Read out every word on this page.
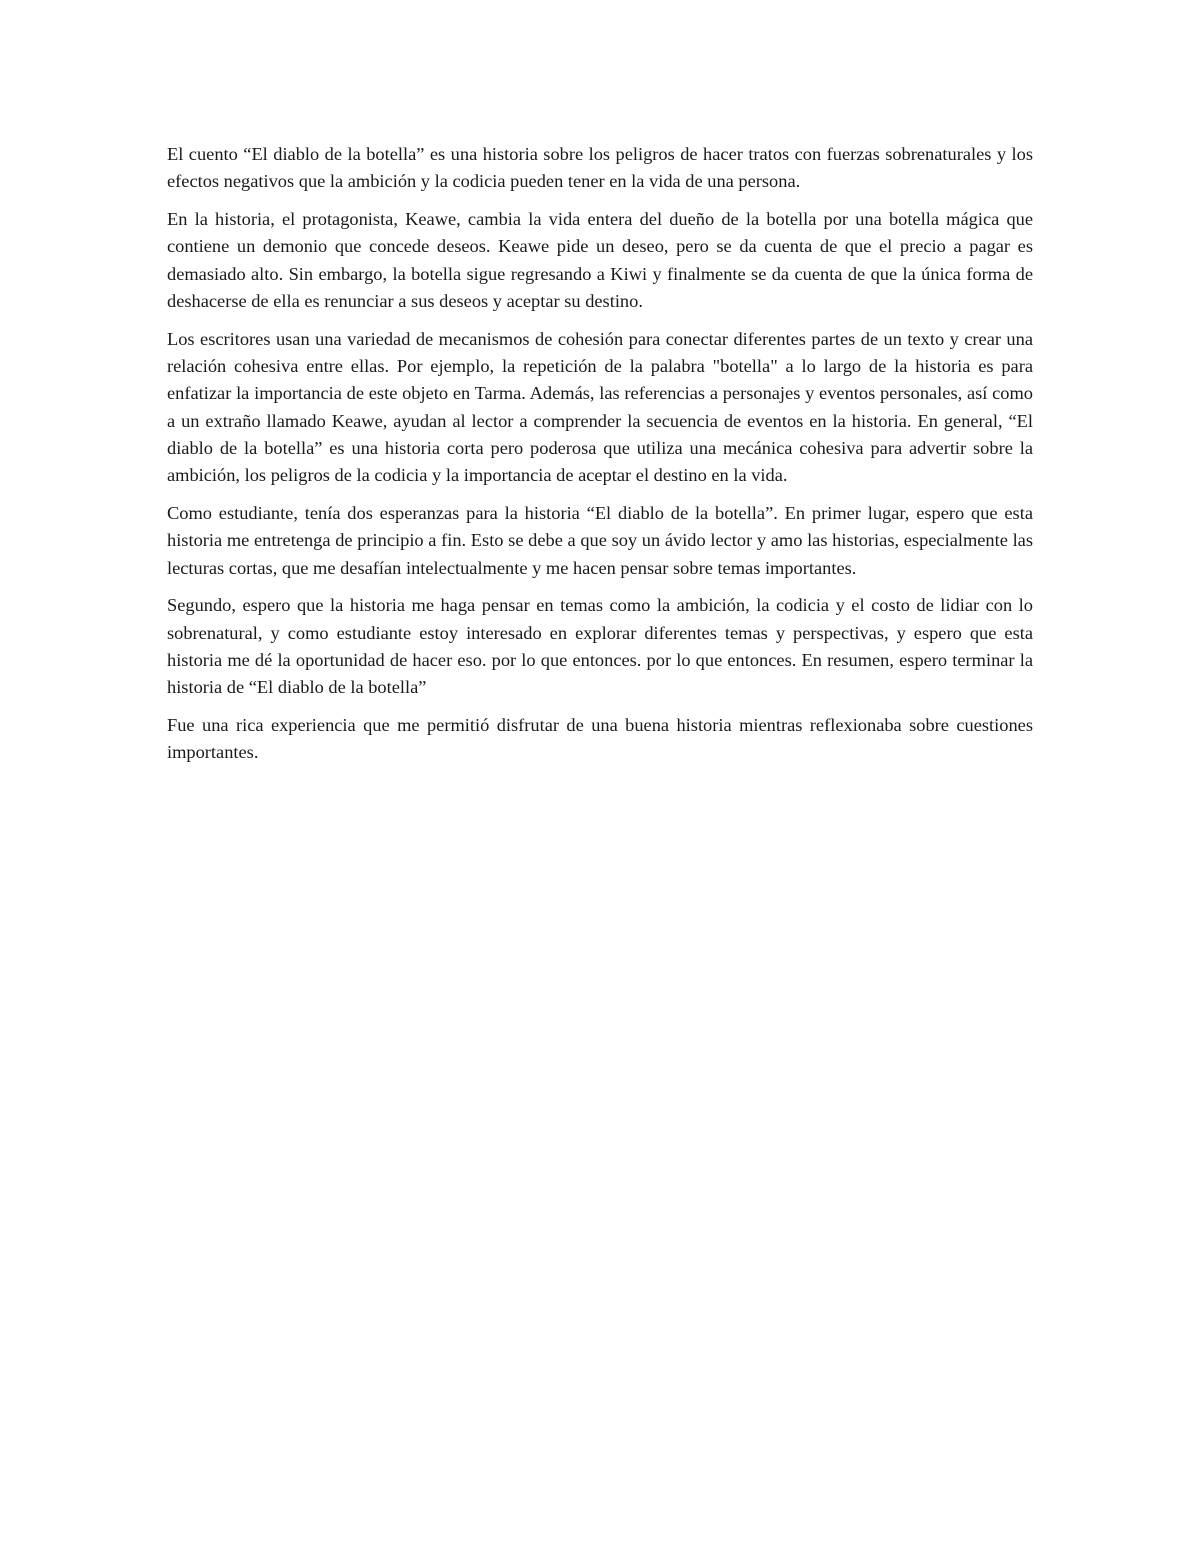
El cuento “El diablo de la botella” es una historia sobre los peligros de hacer tratos con fuerzas sobrenaturales y los efectos negativos que la ambición y la codicia pueden tener en la vida de una persona.

En la historia, el protagonista, Keawe, cambia la vida entera del dueño de la botella por una botella mágica que contiene un demonio que concede deseos. Keawe pide un deseo, pero se da cuenta de que el precio a pagar es demasiado alto. Sin embargo, la botella sigue regresando a Kiwi y finalmente se da cuenta de que la única forma de deshacerse de ella es renunciar a sus deseos y aceptar su destino.

Los escritores usan una variedad de mecanismos de cohesión para conectar diferentes partes de un texto y crear una relación cohesiva entre ellas. Por ejemplo, la repetición de la palabra "botella" a lo largo de la historia es para enfatizar la importancia de este objeto en Tarma. Además, las referencias a personajes y eventos personales, así como a un extraño llamado Keawe, ayudan al lector a comprender la secuencia de eventos en la historia. En general, “El diablo de la botella” es una historia corta pero poderosa que utiliza una mecánica cohesiva para advertir sobre la ambición, los peligros de la codicia y la importancia de aceptar el destino en la vida.

Como estudiante, tenía dos esperanzas para la historia “El diablo de la botella”. En primer lugar, espero que esta historia me entretenga de principio a fin. Esto se debe a que soy un ávido lector y amo las historias, especialmente las lecturas cortas, que me desafían intelectualmente y me hacen pensar sobre temas importantes.

Segundo, espero que la historia me haga pensar en temas como la ambición, la codicia y el costo de lidiar con lo sobrenatural, y como estudiante estoy interesado en explorar diferentes temas y perspectivas, y espero que esta historia me dé la oportunidad de hacer eso. por lo que entonces. por lo que entonces. En resumen, espero terminar la historia de “El diablo de la botella”

Fue una rica experiencia que me permitió disfrutar de una buena historia mientras reflexionaba sobre cuestiones importantes.
